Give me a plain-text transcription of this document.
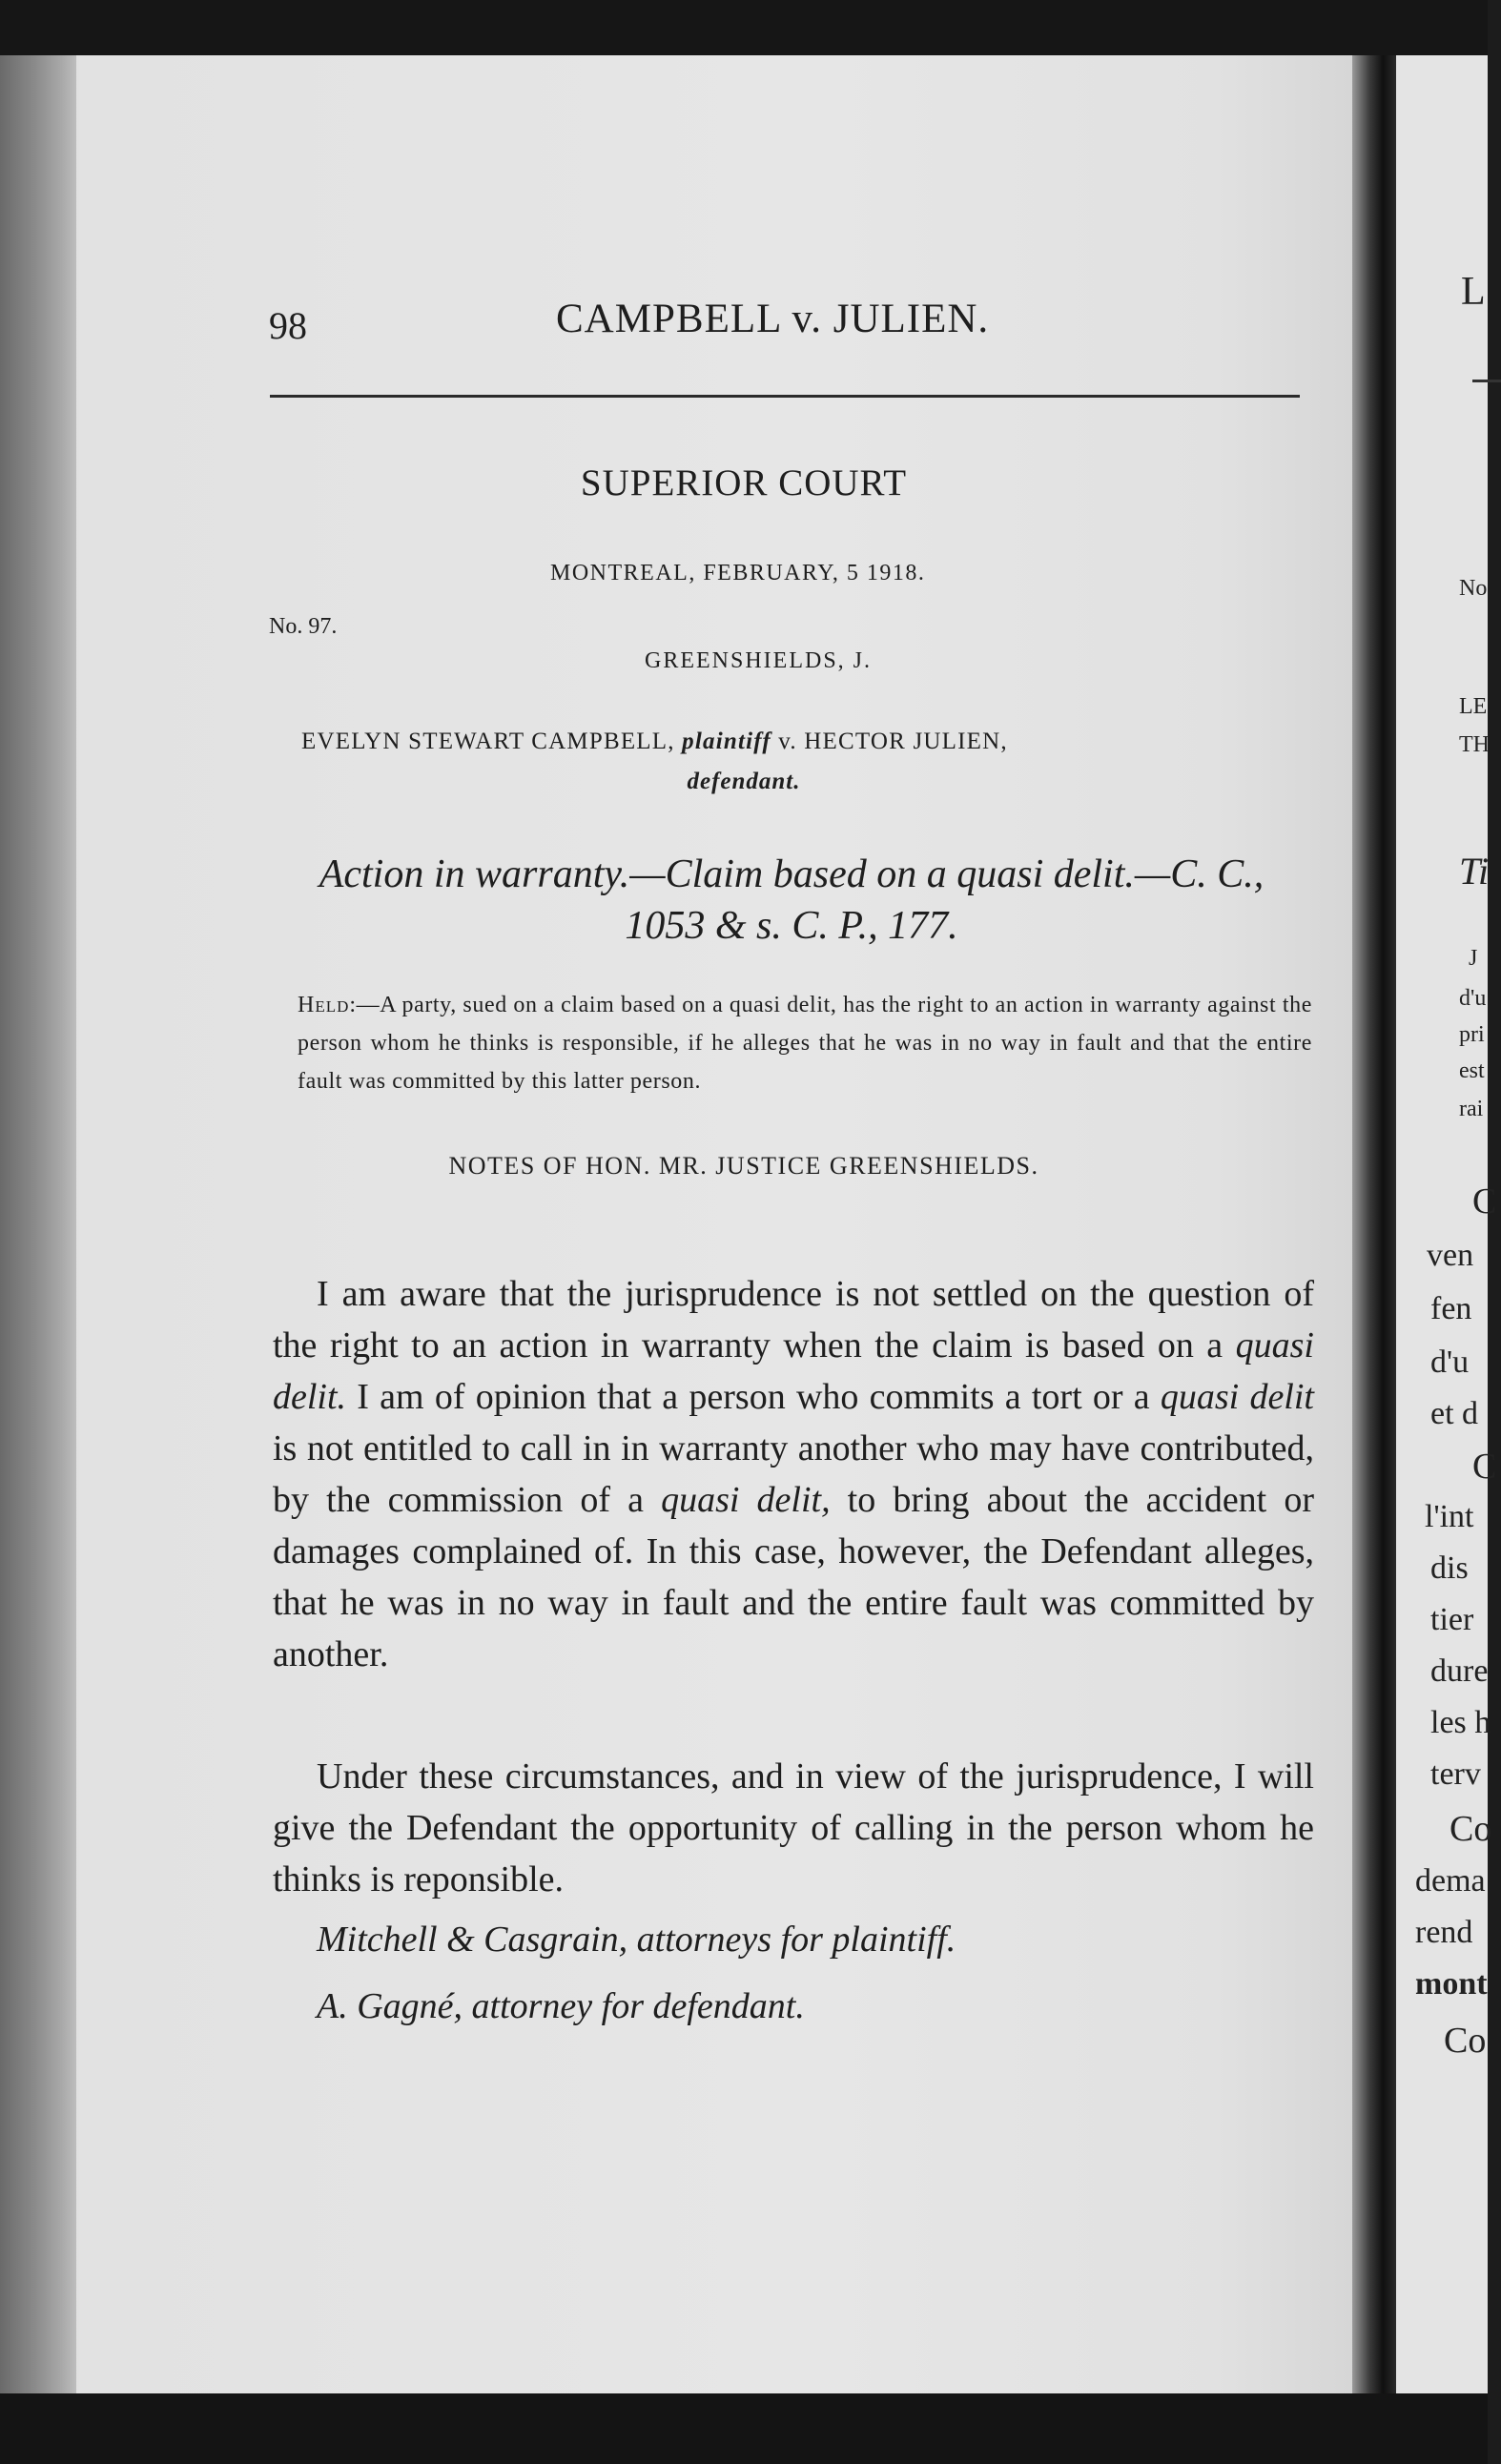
98	CAMPBELL v. JULIEN.
SUPERIOR COURT
MONTREAL, FEBRUARY, 5 1918.
No. 97.
GREENSHIELDS, J.
EVELYN STEWART CAMPBELL, plaintiff v. HECTOR JULIEN,
defendant.
Action in warranty.—Claim based on a quasi delit.—C. C.,
1053 & s. C. P., 177.
Held:—A party, sued on a claim based on a quasi delit, has the right to an action in warranty against the person whom he thinks is responsible, if he alleges that he was in no way in fault and that the entire fault was committed by this latter person.
NOTES OF HON. MR. JUSTICE GREENSHIELDS.
I am aware that the jurisprudence is not settled on the question of the right to an action in warranty when the claim is based on a quasi delit. I am of opinion that a person who commits a tort or a quasi delit is not entitled to call in in warranty another who may have contributed, by the commission of a quasi delit, to bring about the accident or damages complained of. In this case, however, the Defendant alleges, that he was in no way in fault and the entire fault was committed by another.
Under these circumstances, and in view of the jurisprudence, I will give the Defendant the opportunity of calling in the person whom he thinks is reponsible.
Mitchell & Casgrain, attorneys for plaintiff.
A. Gagné, attorney for defendant.
L
No
LE
TH
Ti
J
d'u
pri
est
rai
C
ven
fen
d'u
et d
C
l'int
dis
tier
dure
les h
terv
Co
dema
rend
mont
Co
